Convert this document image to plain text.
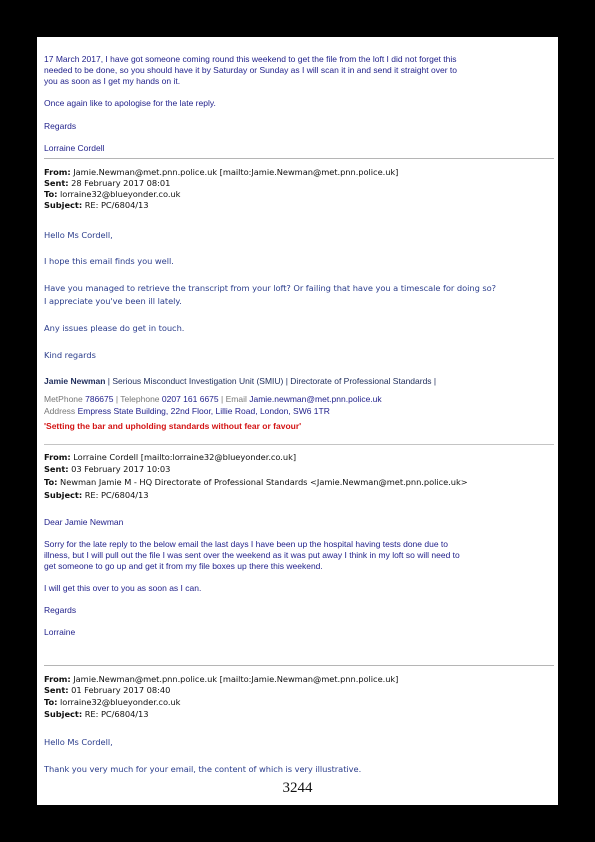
17 March 2017, I have got someone coming round this weekend to get the file from the loft I did not forget this
needed to be done, so you should have it by Saturday or Sunday as I will scan it in and send it straight over to
you as soon as I get my hands on it.
Once again like to apologise for the late reply.
Regards
Lorraine Cordell
From: Jamie.Newman@met.pnn.police.uk [mailto:Jamie.Newman@met.pnn.police.uk]
Sent: 28 February 2017 08:01
To: lorraine32@blueyonder.co.uk
Subject: RE: PC/6804/13
Hello Ms Cordell,
I hope this email finds you well.
Have you managed to retrieve the transcript from your loft? Or failing that have you a timescale for doing so?
I appreciate you've been ill lately.
Any issues please do get in touch.
Kind regards
Jamie Newman | Serious Misconduct Investigation Unit (SMIU) | Directorate of Professional Standards |
MetPhone 786675 | Telephone 0207 161 6675 | Email Jamie.newman@met.pnn.police.uk
Address Empress State Building, 22nd Floor, Lillie Road, London, SW6 1TR
'Setting the bar and upholding standards without fear or favour'
From: Lorraine Cordell [mailto:lorraine32@blueyonder.co.uk]
Sent: 03 February 2017 10:03
To: Newman Jamie M - HQ Directorate of Professional Standards <Jamie.Newman@met.pnn.police.uk>
Subject: RE: PC/6804/13
Dear Jamie Newman
Sorry for the late reply to the below email the last days I have been up the hospital having tests done due to
illness, but I will pull out the file I was sent over the weekend as it was put away I think in my loft so will need to
get someone to go up and get it from my file boxes up there this weekend.
I will get this over to you as soon as I can.
Regards
Lorraine
From: Jamie.Newman@met.pnn.police.uk [mailto:Jamie.Newman@met.pnn.police.uk]
Sent: 01 February 2017 08:40
To: lorraine32@blueyonder.co.uk
Subject: RE: PC/6804/13
Hello Ms Cordell,
Thank you very much for your email, the content of which is very illustrative.
3244
